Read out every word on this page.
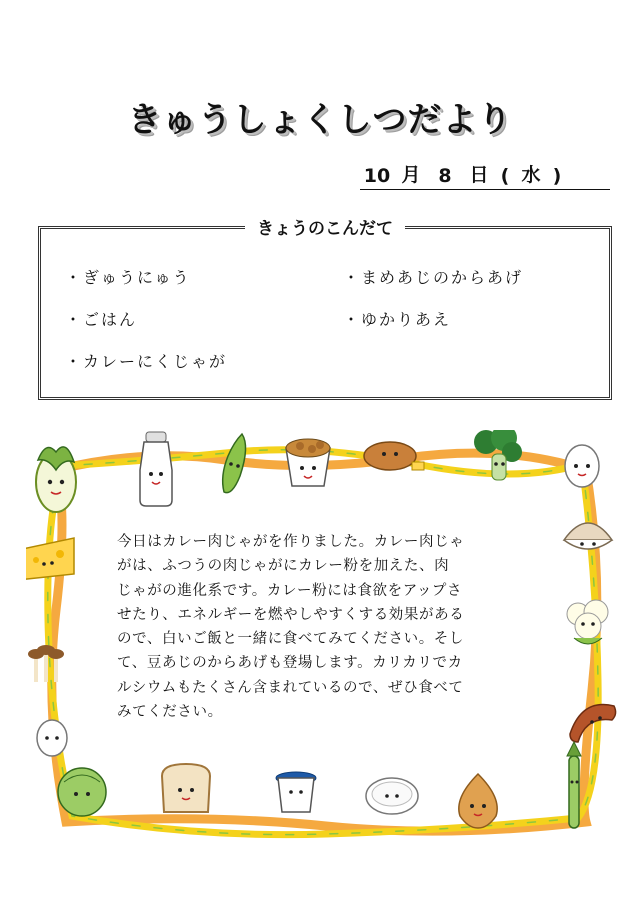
きゅうしょくしつだより
10 月 8 日 ( 水 )
きょうのこんだて
・ぎゅうにゅう
・ごはん
・カレーにくじゃが
・まめあじのからあげ
・ゆかりあえ
今日はカレー肉じゃがを作りました。カレー肉じゃ
がは、ふつうの肉じゃがにカレー粉を加えた、肉
じゃがの進化系です。カレー粉には食欲をアップさ
せたり、エネルギーを燃やしやすくする効果がある
ので、白いご飯と一緒に食べてみてください。そし
て、豆あじのからあげも登場します。カリカリでカ
ルシウムもたくさん含まれているので、ぜひ食べて
みてください。
